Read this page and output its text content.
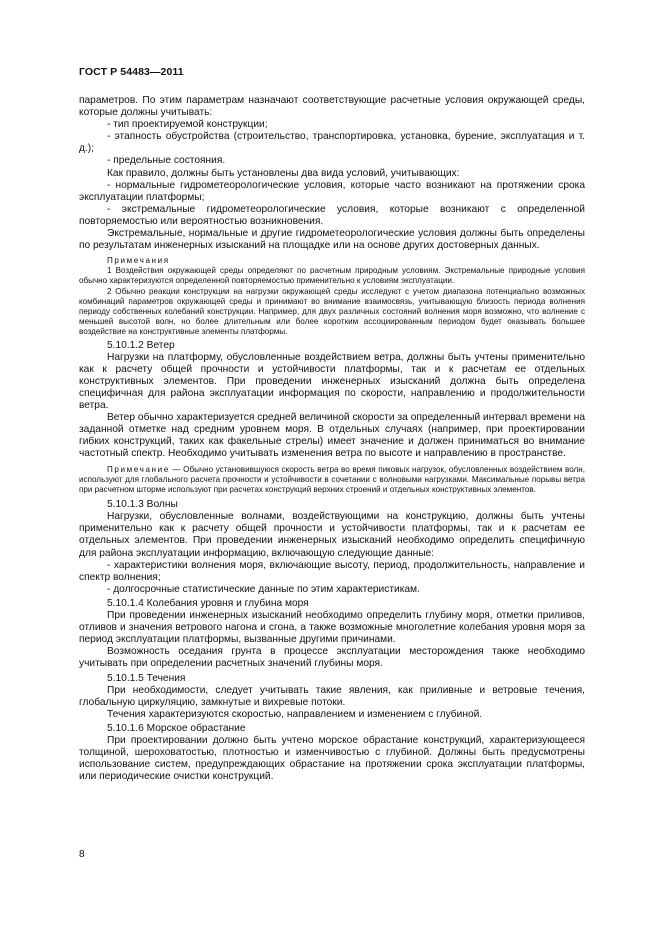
ГОСТ Р 54483—2011

параметров. По этим параметрам назначают соответствующие расчетные условия окружающей среды, которые должны учитывать:

- тип проектируемой конструкции;

- этапность обустройства (строительство, транспортировка, установка, бурение, эксплуатация и т. д.);

- предельные состояния.

Как правило, должны быть установлены два вида условий, учитывающих:

- нормальные гидрометеорологические условия, которые часто возникают на протяжении срока эксплуатации платформы;

- экстремальные гидрометеорологические условия, которые возникают с определенной повторяемостью или вероятностью возникновения.

Экстремальные, нормальные и другие гидрометеорологические условия должны быть определены по результатам инженерных изысканий на площадке или на основе других достоверных данных.

Примечания

1 Воздействия окружающей среды определяют по расчетным природным условиям. Экстремальные природные условия обычно характеризуются определенной повторяемостью применительно к условиям эксплуатации.

2 Обычно реакции конструкции на нагрузки окружающей среды исследуют с учетом диапазона потенциально возможных комбинаций параметров окружающей среды и принимают во внимание взаимосвязь, учитывающую близость периода волнения периоду собственных колебаний конструкции. Например, для двух различных состояний волнения моря возможно, что волнение с меньшей высотой волн, но более длительным или более коротким ассоциированным периодом будет оказывать большее воздействие на конструктивные элементы платформы.

5.10.1.2 Ветер

Нагрузки на платформу, обусловленные воздействием ветра, должны быть учтены применительно как к расчету общей прочности и устойчивости платформы, так и к расчетам ее отдельных конструктивных элементов. При проведении инженерных изысканий должна быть определена специфичная для района эксплуатации информация по скорости, направлению и продолжительности ветра.

Ветер обычно характеризуется средней величиной скорости за определенный интервал времени на заданной отметке над средним уровнем моря. В отдельных случаях (например, при проектировании гибких конструкций, таких как факельные стрелы) имеет значение и должен приниматься во внимание частотный спектр. Необходимо учитывать изменения ветра по высоте и направлению в пространстве.

Примечание — Обычно установившуюся скорость ветра во время пиковых нагрузок, обусловленных воздействием волн, используют для глобального расчета прочности и устойчивости в сочетании с волновыми нагрузками. Максимальные порывы ветра при расчетном шторме используют при расчетах конструкций верхних строений и отдельных конструктивных элементов.

5.10.1.3 Волны

Нагрузки, обусловленные волнами, воздействующими на конструкцию, должны быть учтены применительно как к расчету общей прочности и устойчивости платформы, так и к расчетам ее отдельных элементов. При проведении инженерных изысканий необходимо определить специфичную для района эксплуатации информацию, включающую следующие данные:

- характеристики волнения моря, включающие высоту, период, продолжительность, направление и спектр волнения;

- долгосрочные статистические данные по этим характеристикам.

5.10.1.4 Колебания уровня и глубина моря

При проведении инженерных изысканий необходимо определить глубину моря, отметки приливов, отливов и значения ветрового нагона и сгона, а также возможные многолетние колебания уровня моря за период эксплуатации платформы, вызванные другими причинами.

Возможность оседания грунта в процессе эксплуатации месторождения также необходимо учитывать при определении расчетных значений глубины моря.

5.10.1.5 Течения

При необходимости, следует учитывать такие явления, как приливные и ветровые течения, глобальную циркуляцию, замкнутые и вихревые потоки.

Течения характеризуются скоростью, направлением и изменением с глубиной.

5.10.1.6 Морское обрастание

При проектировании должно быть учтено морское обрастание конструкций, характеризующееся толщиной, шероховатостью, плотностью и изменчивостью с глубиной. Должны быть предусмотрены использование систем, предупреждающих обрастание на протяжении срока эксплуатации платформы, или периодические очистки конструкций.

8
